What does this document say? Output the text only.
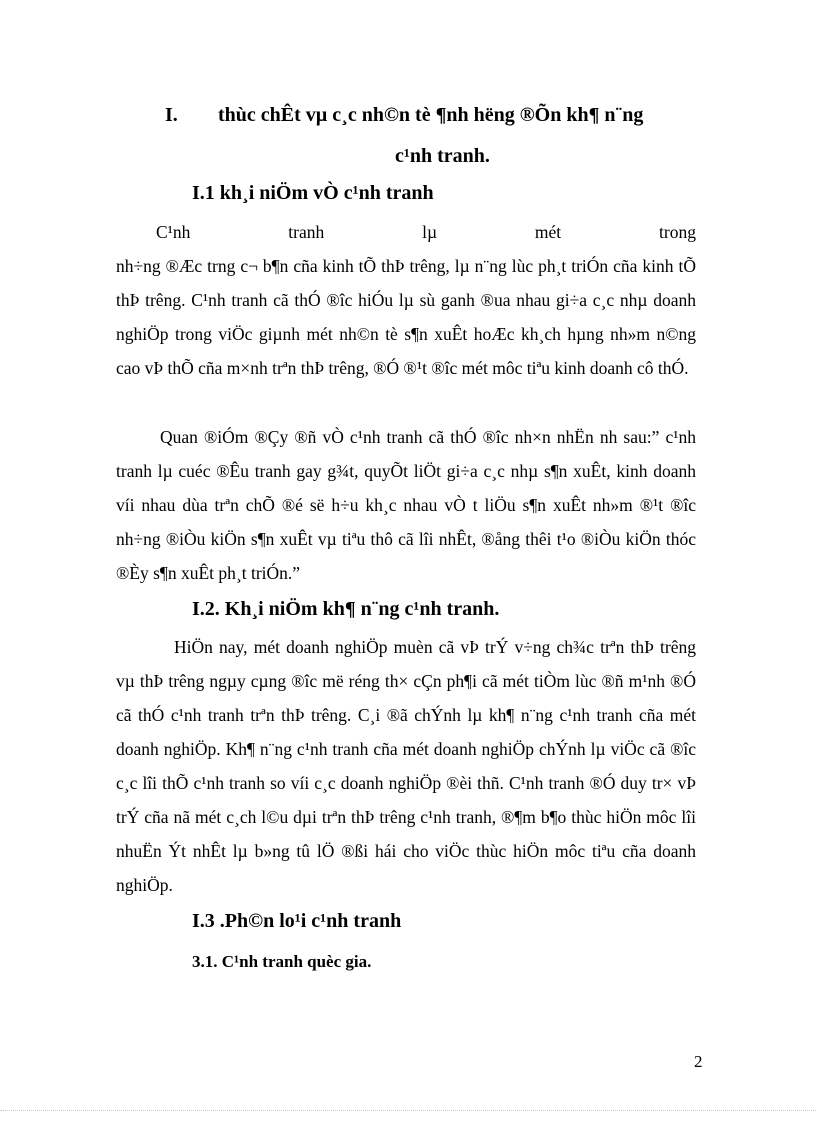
I. thùc chÊt vµ c¸c nh©n tè ¶nh hëng ®Õn kh¶ n¨ng
c¹nh tranh.
I.1 kh¸i niÖm vÒ c¹nh tranh
C¹nh	tranh	lµ	mét	trong
nh÷ng ®Æc trng c¬ b¶n cña kinh tÕ thÞ trêng, lµ n¨ng lùc ph¸t triÓn cña kinh tÕ thÞ trêng. C¹nh tranh cã thÓ ®îc hiÓu lµ sù ganh ®ua nhau gi÷a c¸c nhµ doanh nghiÖp trong viÖc giµnh mét nh©n tè s¶n xuÊt hoÆc kh¸ch hµng nh»m n©ng cao vÞ thÕ cña m×nh trªn thÞ trêng, ®Ó ®¹t ®îc mét môc tiªu kinh doanh cô thÓ.
Quan ®iÓm ®Çy ®ñ vÒ c¹nh tranh cã thÓ ®îc nh×n nhËn nh sau:” c¹nh tranh lµ cuéc ®Êu tranh gay g¾t, quyÕt liÖt gi÷a c¸c nhµ s¶n xuÊt, kinh doanh víi nhau dùa trªn chÕ ®é së h÷u kh¸c nhau vÒ t liÖu s¶n xuÊt nh»m ®¹t ®îc nh÷ng ®iÒu kiÖn s¶n xuÊt vµ tiªu thô cã lîi nhÊt, ®ång thêi t¹o ®iÒu kiÖn thóc ®Èy s¶n xuÊt ph¸t triÓn.”
I.2. Kh¸i niÖm kh¶ n¨ng c¹nh tranh.
HiÖn nay, mét doanh nghiÖp muèn cã vÞ trÝ v÷ng ch¾c trªn thÞ trêng vµ thÞ trêng ngµy cµng ®îc më réng th× cÇn ph¶i cã mét tiÒm lùc ®ñ m¹nh ®Ó cã thÓ c¹nh tranh trªn thÞ trêng. C¸i ®ã chÝnh lµ kh¶ n¨ng c¹nh tranh cña mét doanh nghiÖp. Kh¶ n¨ng c¹nh tranh cña mét doanh nghiÖp chÝnh lµ viÖc cã ®îc c¸c lîi thÕ c¹nh tranh so víi c¸c doanh nghiÖp ®èi thñ. C¹nh tranh ®Ó duy tr× vÞ trÝ cña nã mét c¸ch l©u dµi trªn thÞ trêng c¹nh tranh, ®¶m b¶o thùc hiÖn môc lîi nhuËn Ýt nhÊt lµ b»ng tû lÖ ®ßi hái cho viÖc thùc hiÖn môc tiªu cña doanh nghiÖp.
I.3 .Ph©n lo¹i c¹nh tranh
3.1. C¹nh tranh quèc gia.
2
